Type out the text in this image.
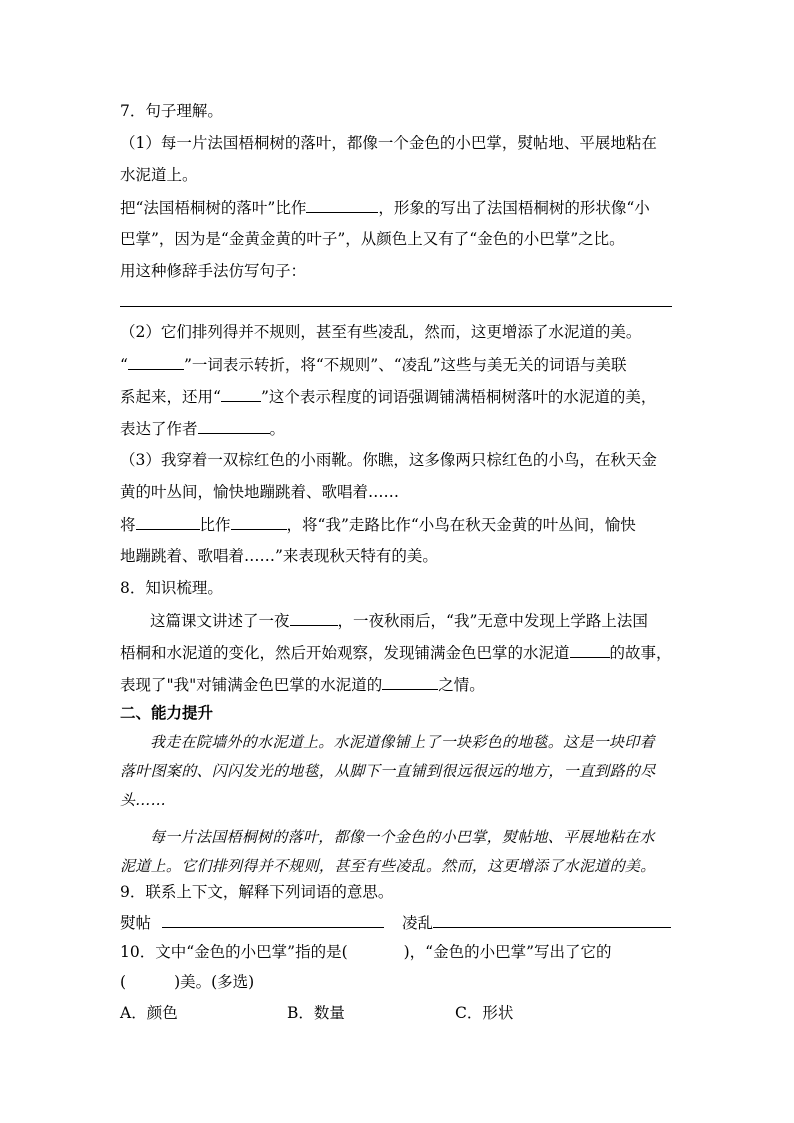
7．句子理解。
（1）每一片法国梧桐树的落叶，都像一个金色的小巴掌，熨帖地、平展地粘在
水泥道上。
把“法国梧桐树的落叶”比作	，形象的写出了法国梧桐树的形状像“小
巴掌”，因为是“金黄金黄的叶子”，从颜色上又有了“金色的小巴掌”之比。
用这种修辞手法仿写句子：
（2）它们排列得并不规则，甚至有些凌乱，然而，这更增添了水泥道的美。
“	”一词表示转折，将“不规则”、“凌乱”这些与美无关的词语与美联
系起来，还用“	”这个表示程度的词语强调铺满梧桐树落叶的水泥道的美，
表达了作者	。
（3）我穿着一双棕红色的小雨靴。你瞧，这多像两只棕红色的小鸟，在秋天金
黄的叶丛间，愉快地蹦跳着、歌唱着……
将	比作	，将“我”走路比作“小鸟在秋天金黄的叶丛间，愉快
地蹦跳着、歌唱着……”来表现秋天特有的美。
8．知识梳理。
这篇课文讲述了一夜	，一夜秋雨后，“我”无意中发现上学路上法国
梧桐和水泥道的变化，然后开始观察，发现铺满金色巴掌的水泥道	的故事，
表现了"我"对铺满金色巴掌的水泥道的	之情。
二、能力提升
我走在院墙外的水泥道上。水泥道像铺上了一块彩色的地毯。这是一块印着
落叶图案的、闪闪发光的地毯，从脚下一直铺到很远很远的地方，一直到路的尽
头……
每一片法国梧桐树的落叶，都像一个金色的小巴掌，熨帖地、平展地粘在水
泥道上。它们排列得并不规则，甚至有些凌乱。然而，这更增添了水泥道的美。
9．联系上下文，解释下列词语的意思。
熨帖	凌乱
10．文中“金色的小巴掌”指的是(	)，“金色的小巴掌”写出了它的
(	)美。(多选)
A．颜色	B．数量	C．形状
